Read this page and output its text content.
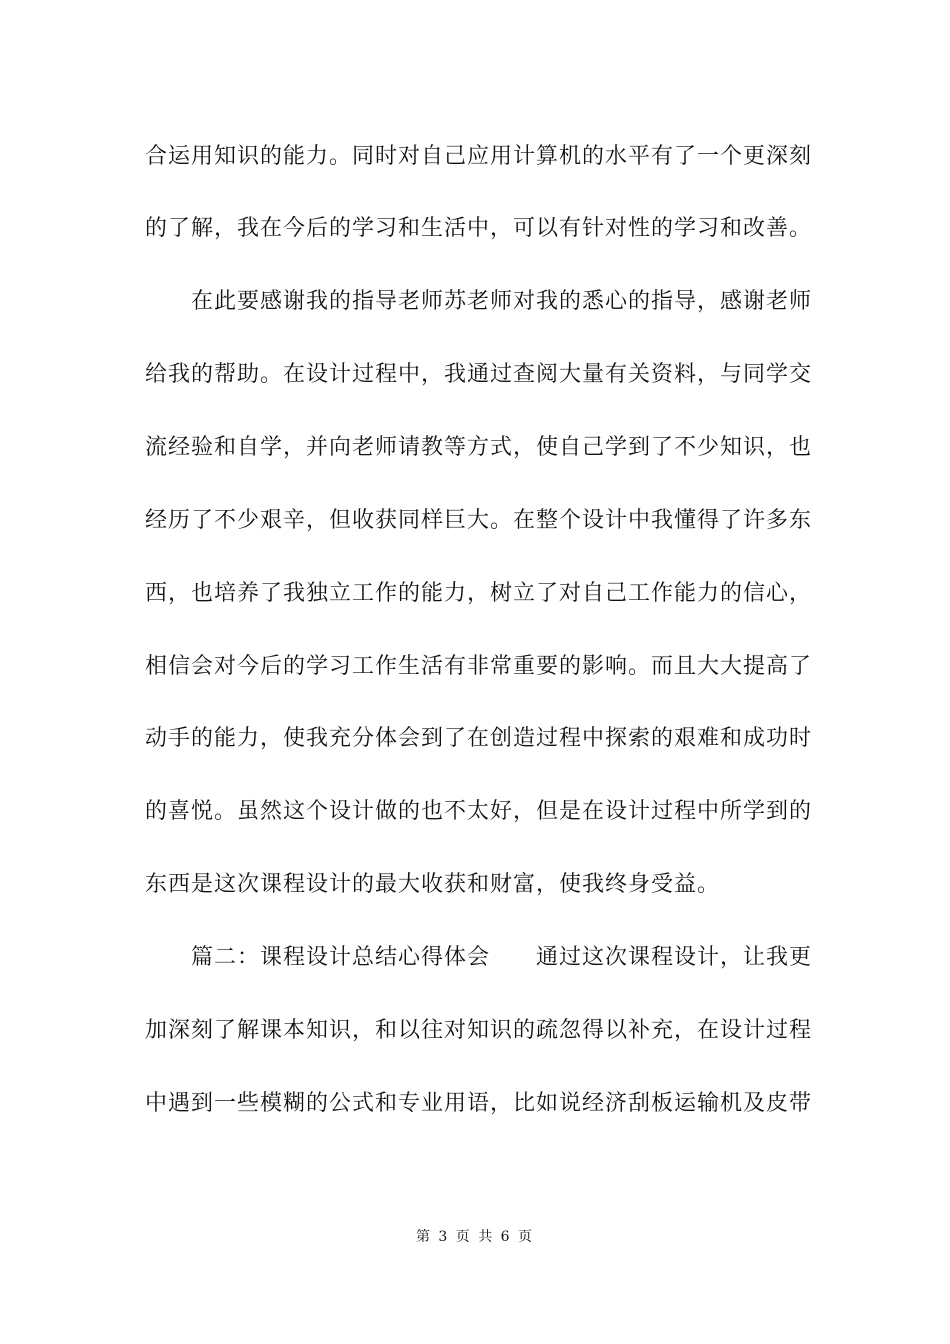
合运用知识的能力。同时对自己应用计算机的水平有了一个更深刻
的了解，我在今后的学习和生活中，可以有针对性的学习和改善。
　　在此要感谢我的指导老师苏老师对我的悉心的指导，感谢老师
给我的帮助。在设计过程中，我通过查阅大量有关资料，与同学交
流经验和自学，并向老师请教等方式，使自己学到了不少知识，也
经历了不少艰辛，但收获同样巨大。在整个设计中我懂得了许多东
西，也培养了我独立工作的能力，树立了对自己工作能力的信心，
相信会对今后的学习工作生活有非常重要的影响。而且大大提高了
动手的能力，使我充分体会到了在创造过程中探索的艰难和成功时
的喜悦。虽然这个设计做的也不太好，但是在设计过程中所学到的
东西是这次课程设计的最大收获和财富，使我终身受益。
　　篇二：课程设计总结心得体会　　通过这次课程设计，让我更
加深刻了解课本知识，和以往对知识的疏忽得以补充，在设计过程
中遇到一些模糊的公式和专业用语，比如说经济刮板运输机及皮带
第 3 页 共 6 页
